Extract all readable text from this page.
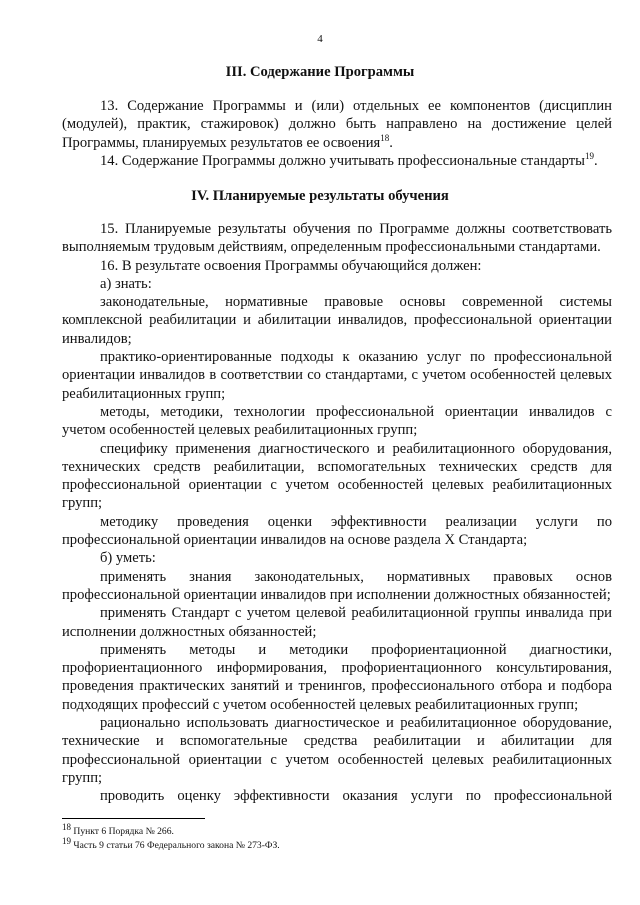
4
III. Содержание Программы

13. Содержание Программы и (или) отдельных ее компонентов (дисциплин (модулей), практик, стажировок) должно быть направлено на достижение целей Программы, планируемых результатов ее освоения$^{18}$.

14. Содержание Программы должно учитывать профессиональные стандарты$^{19}$.

IV. Планируемые результаты обучения

15. Планируемые результаты обучения по Программе должны соответствовать выполняемым трудовым действиям, определенным профессиональными стандартами.

16. В результате освоения Программы обучающийся должен:

а) знать:

законодательные, нормативные правовые основы современной системы комплексной реабилитации и абилитации инвалидов, профессиональной ориентации инвалидов;

практико-ориентированные подходы к оказанию услуг по профессиональной ориентации инвалидов в соответствии со стандартами, с учетом особенностей целевых реабилитационных групп;

методы, методики, технологии профессиональной ориентации инвалидов с учетом особенностей целевых реабилитационных групп;

специфику применения диагностического и реабилитационного оборудования, технических средств реабилитации, вспомогательных технических средств для профессиональной ориентации с учетом особенностей целевых реабилитационных групп;

методику проведения оценки эффективности реализации услуги по профессиональной ориентации инвалидов на основе раздела X Стандарта;

б) уметь:

применять знания законодательных, нормативных правовых основ профессиональной ориентации инвалидов при исполнении должностных обязанностей;

применять Стандарт с учетом целевой реабилитационной группы инвалида при исполнении должностных обязанностей;

применять методы и методики профориентационной диагностики, профориентационного информирования, профориентационного консультирования, проведения практических занятий и тренингов, профессионального отбора и подбора подходящих профессий с учетом особенностей целевых реабилитационных групп;

рационально использовать диагностическое и реабилитационное оборудование, технические и вспомогательные средства реабилитации и абилитации для профессиональной ориентации с учетом особенностей целевых реабилитационных групп;

проводить оценку эффективности оказания услуги по профессиональной

18 Пункт 6 Порядка № 266.
19 Часть 9 статьи 76 Федерального закона № 273-ФЗ.
